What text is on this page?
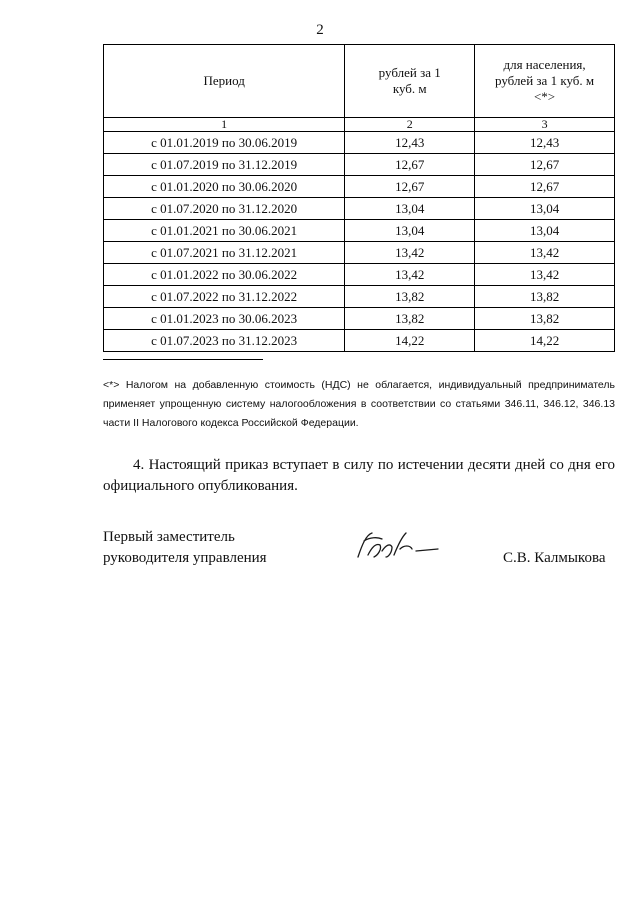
2
Период	рублей за 1 куб. м	для населения, рублей за 1 куб. м <*>

1	2	3
с 01.01.2019 по 30.06.2019	12,43	12,43
с 01.07.2019 по 31.12.2019	12,67	12,67
с 01.01.2020 по 30.06.2020	12,67	12,67
с 01.07.2020 по 31.12.2020	13,04	13,04
с 01.01.2021 по 30.06.2021	13,04	13,04
с 01.07.2021 по 31.12.2021	13,42	13,42
с 01.01.2022 по 30.06.2022	13,42	13,42
с 01.07.2022 по 31.12.2022	13,82	13,82
с 01.01.2023 по 30.06.2023	13,82	13,82
с 01.07.2023 по 31.12.2023	14,22	14,22
<*> Налогом на добавленную стоимость (НДС) не облагается, индивидуальный предприниматель применяет упрощенную систему налогообложения в соответствии со статьями 346.11, 346.12, 346.13 части II Налогового кодекса Российской Федерации.
4. Настоящий приказ вступает в силу по истечении десяти дней со дня его официального опубликования.
Первый заместитель
руководителя управления	С.В. Калмыкова
